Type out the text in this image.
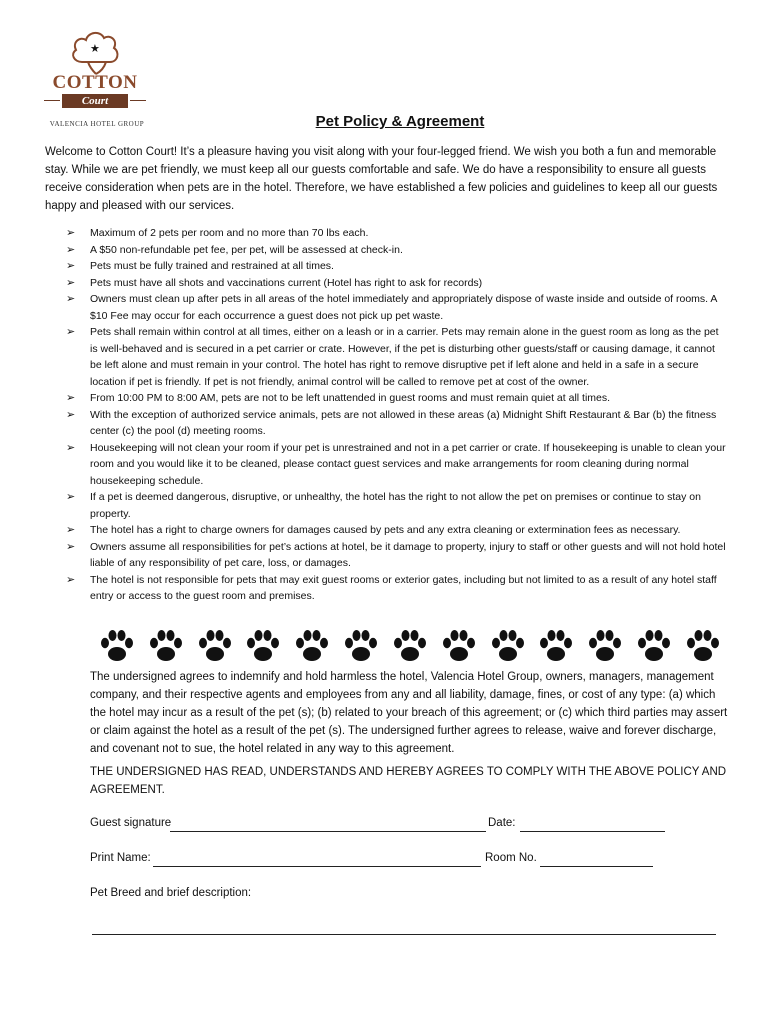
★
COTTON
Court
VALENCIA HOTEL GROUP	Pet Policy & Agreement
Welcome to Cotton Court! It’s a pleasure having you visit along with your four-legged friend. We wish you both a fun and memorable stay. While we are pet friendly, we must keep all our guests comfortable and safe. We do have a responsibility to ensure all guests receive consideration when pets are in the hotel. Therefore, we have established a few policies and guidelines to keep all our guests happy and pleased with our services.
➢ Maximum of 2 pets per room and no more than 70 lbs each.
➢ A $50 non-refundable pet fee, per pet, will be assessed at check-in.
➢ Pets must be fully trained and restrained at all times.
➢ Pets must have all shots and vaccinations current (Hotel has right to ask for records)
➢ Owners must clean up after pets in all areas of the hotel immediately and appropriately dispose of waste inside and outside of rooms. A $10 Fee may occur for each occurrence a guest does not pick up pet waste.
➢ Pets shall remain within control at all times, either on a leash or in a carrier. Pets may remain alone in the guest room as long as the pet is well-behaved and is secured in a pet carrier or crate. However, if the pet is disturbing other guests/staff or causing damage, it cannot be left alone and must remain in your control. The hotel has right to remove disruptive pet if left alone and held in a safe in a secure location if pet is friendly. If pet is not friendly, animal control will be called to remove pet at cost of the owner.
➢ From 10:00 PM to 8:00 AM, pets are not to be left unattended in guest rooms and must remain quiet at all times.
➢ With the exception of authorized service animals, pets are not allowed in these areas (a) Midnight Shift Restaurant & Bar (b) the fitness center (c) the pool (d) meeting rooms.
➢ Housekeeping will not clean your room if your pet is unrestrained and not in a pet carrier or crate. If housekeeping is unable to clean your room and you would like it to be cleaned, please contact guest services and make arrangements for room cleaning during normal housekeeping schedule.
➢ If a pet is deemed dangerous, disruptive, or unhealthy, the hotel has the right to not allow the pet on premises or continue to stay on property.
➢ The hotel has a right to charge owners for damages caused by pets and any extra cleaning or extermination fees as necessary.
➢ Owners assume all responsibilities for pet’s actions at hotel, be it damage to property, injury to staff or other guests and will not hold hotel liable of any responsibility of pet care, loss, or damages.
➢ The hotel is not responsible for pets that may exit guest rooms or exterior gates, including but not limited to as a result of any hotel staff entry or access to the guest room and premises.
The undersigned agrees to indemnify and hold harmless the hotel, Valencia Hotel Group, owners, managers, management company, and their respective agents and employees from any and all liability, damage, fines, or cost of any type: (a) which the hotel may incur as a result of the pet (s); (b) related to your breach of this agreement; or (c) which third parties may assert or claim against the hotel as a result of the pet (s). The undersigned further agrees to release, waive and forever discharge, and covenant not to sue, the hotel related in any way to this agreement.
THE UNDERSIGNED HAS READ, UNDERSTANDS AND HEREBY AGREES TO COMPLY WITH THE ABOVE POLICY AND AGREEMENT.
Guest signature	Date:
Print Name:	Room No.
Pet Breed and brief description:
